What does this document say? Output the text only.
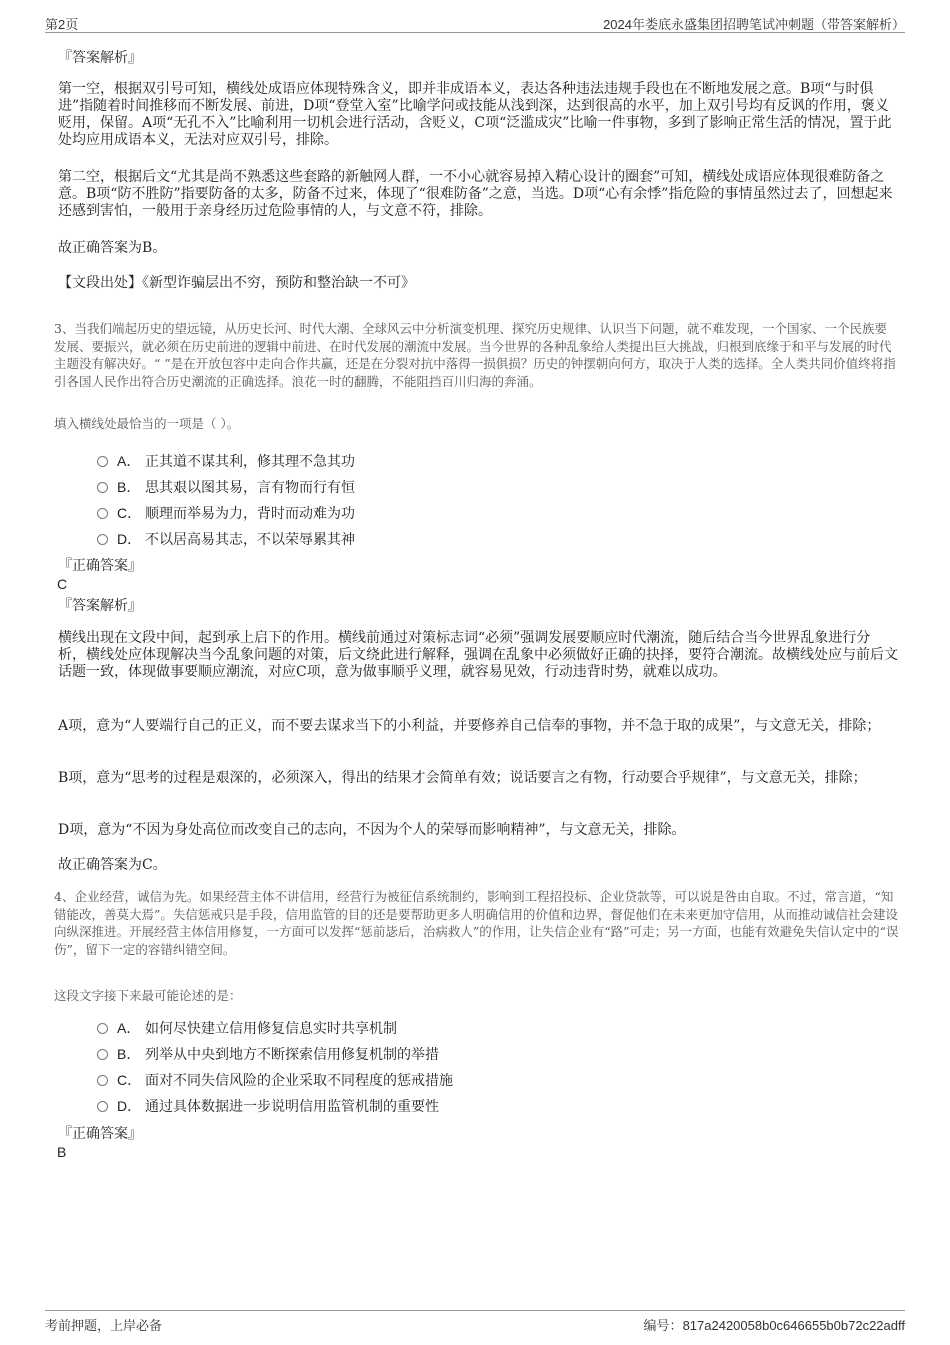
第2页	2024年娄底永盛集团招聘笔试冲刺题（带答案解析）

『答案解析』

第一空，根据双引号可知，横线处成语应体现特殊含义，即并非成语本义，表达各种违法违规手段也在不断地发展之意。B项“与时俱进”指随着时间推移而不断发展、前进，D项“登堂入室”比喻学问或技能从浅到深，达到很高的水平，加上双引号均有反讽的作用，褒义贬用，保留。A项“无孔不入”比喻利用一切机会进行活动，含贬义，C项“泛滥成灾”比喻一件事物，多到了影响正常生活的情况，置于此处均应用成语本义，无法对应双引号，排除。

第二空，根据后文“尤其是尚不熟悉这些套路的新触网人群，一不小心就容易掉入精心设计的圈套”可知，横线处成语应体现很难防备之意。B项“防不胜防”指要防备的太多，防备不过来，体现了“很难防备”之意，当选。D项“心有余悸”指危险的事情虽然过去了，回想起来还感到害怕，一般用于亲身经历过危险事情的人，与文意不符，排除。

故正确答案为B。

【文段出处】《新型诈骗层出不穷，预防和整治缺一不可》

3、当我们端起历史的望远镜，从历史长河、时代大潮、全球风云中分析演变机理、探究历史规律、认识当下问题，就不难发现，一个国家、一个民族要发展、要振兴，就必须在历史前进的逻辑中前进、在时代发展的潮流中发展。当今世界的各种乱象给人类提出巨大挑战，归根到底缘于和平与发展的时代主题没有解决好。“ ”是在开放包容中走向合作共赢，还是在分裂对抗中落得一损俱损？历史的钟摆朝向何方，取决于人类的选择。全人类共同价值终将指引各国人民作出符合历史潮流的正确选择。浪花一时的翻腾，不能阻挡百川归海的奔涌。

填入横线处最恰当的一项是（ ）。

A． 正其道不谋其利，修其理不急其功
B． 思其艰以图其易，言有物而行有恒
C． 顺理而举易为力，背时而动难为功
D． 不以居高易其志，不以荣辱累其神

『正确答案』

C

『答案解析』

横线出现在文段中间，起到承上启下的作用。横线前通过对策标志词“必须”强调发展要顺应时代潮流，随后结合当今世界乱象进行分析，横线处应体现解决当今乱象问题的对策，后文绕此进行解释，强调在乱象中必须做好正确的抉择，要符合潮流。故横线处应与前后文话题一致，体现做事要顺应潮流，对应C项，意为做事顺乎义理，就容易见效，行动违背时势，就难以成功。

A项，意为“人要端行自己的正义，而不要去谋求当下的小利益，并要修养自己信奉的事物，并不急于取的成果”，与文意无关，排除；

B项，意为“思考的过程是艰深的，必须深入，得出的结果才会简单有效；说话要言之有物，行动要合乎规律”，与文意无关，排除；

D项，意为“不因为身处高位而改变自己的志向，不因为个人的荣辱而影响精神”，与文意无关，排除。

故正确答案为C。

4、企业经营，诚信为先。如果经营主体不讲信用，经营行为被征信系统制约，影响到工程招投标、企业贷款等，可以说是咎由自取。不过，常言道，“知错能改，善莫大焉”。失信惩戒只是手段，信用监管的目的还是要帮助更多人明确信用的价值和边界，督促他们在未来更加守信用，从而推动诚信社会建设向纵深推进。开展经营主体信用修复，一方面可以发挥“惩前毖后，治病救人”的作用，让失信企业有“路”可走；另一方面，也能有效避免失信认定中的“误伤”，留下一定的容错纠错空间。

这段文字接下来最可能论述的是：

A． 如何尽快建立信用修复信息实时共享机制
B． 列举从中央到地方不断探索信用修复机制的举措
C． 面对不同失信风险的企业采取不同程度的惩戒措施
D． 通过具体数据进一步说明信用监管机制的重要性

『正确答案』

B
考前押题，上岸必备	编号：817a2420058b0c646655b0b72c22adff
